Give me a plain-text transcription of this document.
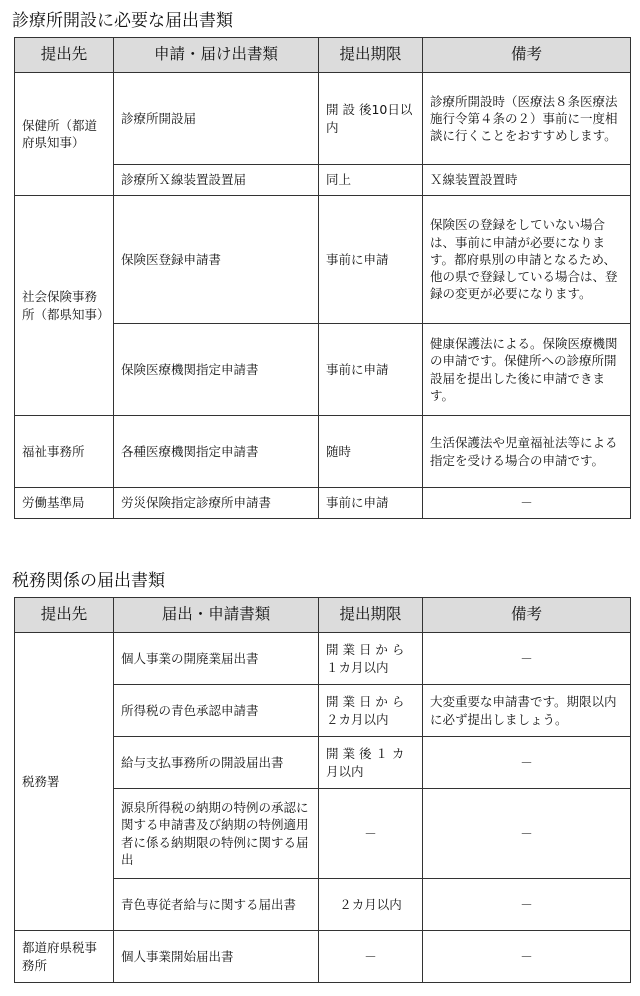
診療所開設に必要な届出書類
提出先	申請・届け出書類	提出期限	備考
保健所（都道府県知事）	診療所開設届	開 設 後10日以内	診療所開設時（医療法８条医療法施行令第４条の２）事前に一度相談に行くことをおすすめします。
	診療所Ｘ線装置設置届	同上	Ｘ線装置設置時
社会保険事務所（都県知事）	保険医登録申請書	事前に申請	保険医の登録をしていない場合は、事前に申請が必要になります。都府県別の申請となるため、他の県で登録している場合は、登録の変更が必要になります。
	保険医療機関指定申請書	事前に申請	健康保護法による。保険医療機関の申請です。保健所への診療所開設届を提出した後に申請できます。
福祉事務所	各種医療機関指定申請書	随時	生活保護法や児童福祉法等による指定を受ける場合の申請です。
労働基準局	労災保険指定診療所申請書	事前に申請	－
税務関係の届出書類
提出先	届出・申請書類	提出期限	備考
税務署	個人事業の開廃業届出書	開 業 日 か ら１カ月以内	－
	所得税の青色承認申請書	開 業 日 か ら２カ月以内	大変重要な申請書です。期限以内に必ず提出しましょう。
	給与支払事務所の開設届出書	開 業 後 １ カ月以内	－
	源泉所得税の納期の特例の承認に関する申請書及び納期の特例適用者に係る納期限の特例に関する届出	－	－
	青色専従者給与に関する届出書	２カ月以内	－
都道府県税事務所	個人事業開始届出書	－	－
